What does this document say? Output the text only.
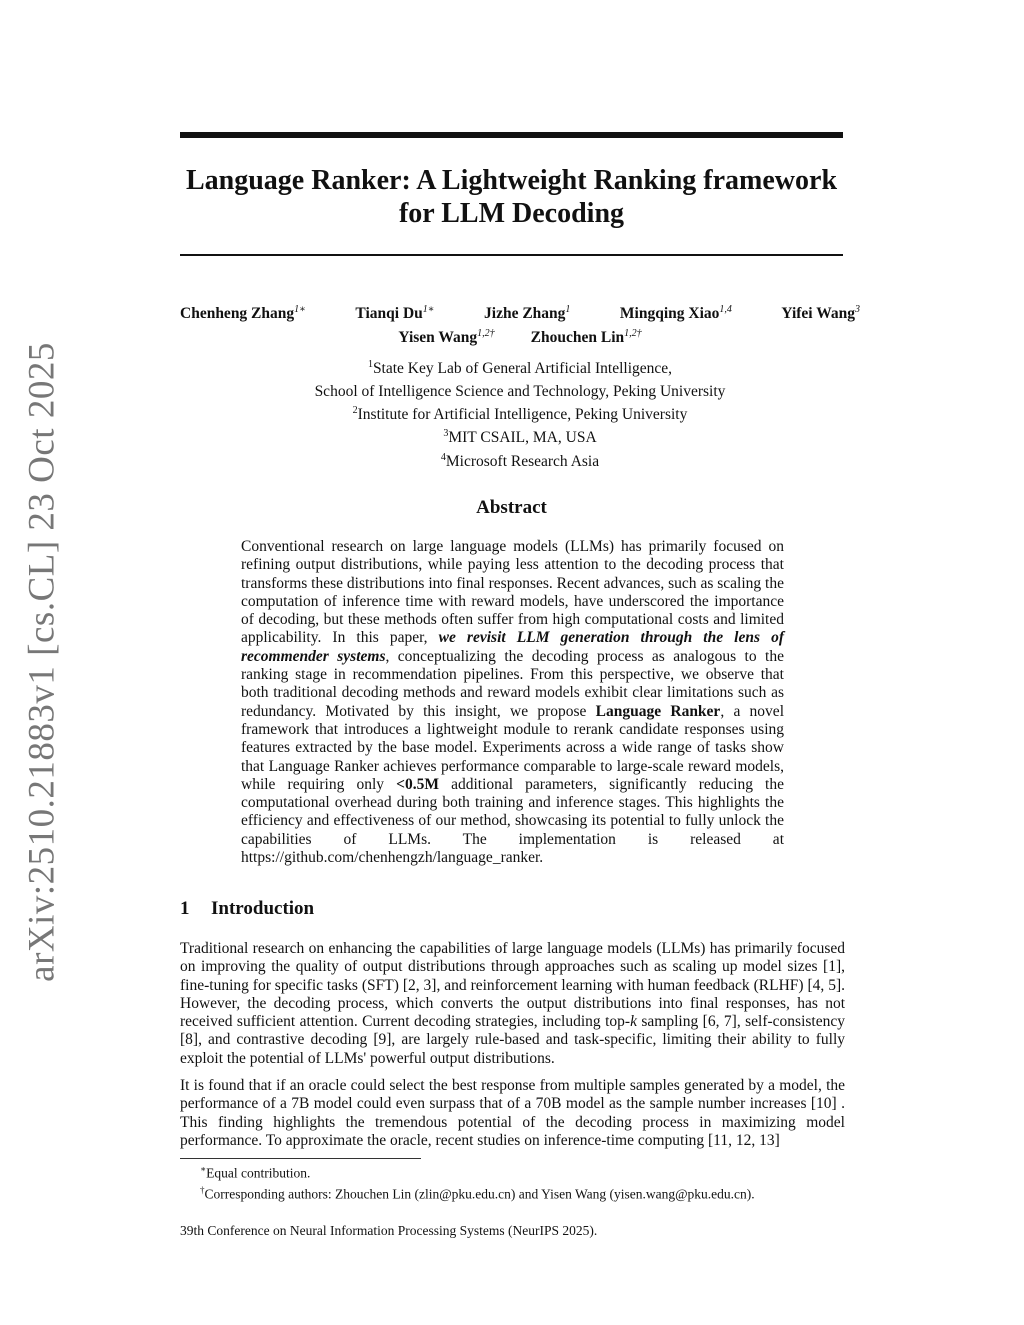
arXiv:2510.21883v1 [cs.CL] 23 Oct 2025
Language Ranker: A Lightweight Ranking framework
for LLM Decoding
Chenheng Zhang$^{1∗}$	Tianqi $Du^{1∗}$	Jizhe Zhang$^1$	Mingqing Xiao$^{1,4}$	Yifei Wang$^3$
Yisen Wang$^{1,2\dagger}$ Zhouchen Lin$^{1,2\dagger}$
$^1$State Key Lab of General Artificial Intelligence,
School of Intelligence Science and Technology, Peking University
$^2$Institute for Artificial Intelligence, Peking University
$^3$MIT CSAIL, MA, USA
$^4$Microsoft Research Asia
Abstract

Conventional research on large language models (LLMs) has primarily focused on refining output distributions, while paying less attention to the decoding process that transforms these distributions into final responses. Recent advances, such as scaling the computation of inference time with reward models, have underscored the importance of decoding, but these methods often suffer from high computational costs and limited applicability. In this paper, we revisit LLM generation through the lens of recommender systems, conceptualizing the decoding process as analogous to the ranking stage in recommendation pipelines. From this perspective, we observe that both traditional decoding methods and reward models exhibit clear limitations such as redundancy. Motivated by this insight, we propose Language Ranker, a novel framework that introduces a lightweight module to rerank candidate responses using features extracted by the base model. Experiments across a wide range of tasks show that Language Ranker achieves performance comparable to large-scale reward models, while requiring only <0.5M additional parameters, significantly reducing the computational overhead during both training and inference stages. This highlights the efficiency and effectiveness of our method, showcasing its potential to fully unlock the capabilities of LLMs. The implementation is released at https://github.com/chenhengzh/language_ranker.

1 Introduction

Traditional research on enhancing the capabilities of large language models (LLMs) has primarily focused on improving the quality of output distributions through approaches such as scaling up model sizes [1], fine-tuning for specific tasks (SFT) [2, 3], and reinforcement learning with human feedback (RLHF) [4, 5]. However, the decoding process, which converts the output distributions into final responses, has not received sufficient attention. Current decoding strategies, including top-k sampling [6, 7], self-consistency [8], and contrastive decoding [9], are largely rule-based and task-specific, limiting their ability to fully exploit the potential of LLMs' powerful output distributions.

It is found that if an oracle could select the best response from multiple samples generated by a model, the performance of a 7B model could even surpass that of a 70B model as the sample number increases [10] . This finding highlights the tremendous potential of the decoding process in maximizing model performance. To approximate the oracle, recent studies on inference-time computing [11, 12, 13]

∗Equal contribution.
†Corresponding authors: Zhouchen Lin (zlin@pku.edu.cn) and Yisen Wang (yisen.wang@pku.edu.cn).
39th Conference on Neural Information Processing Systems (NeurIPS 2025).
